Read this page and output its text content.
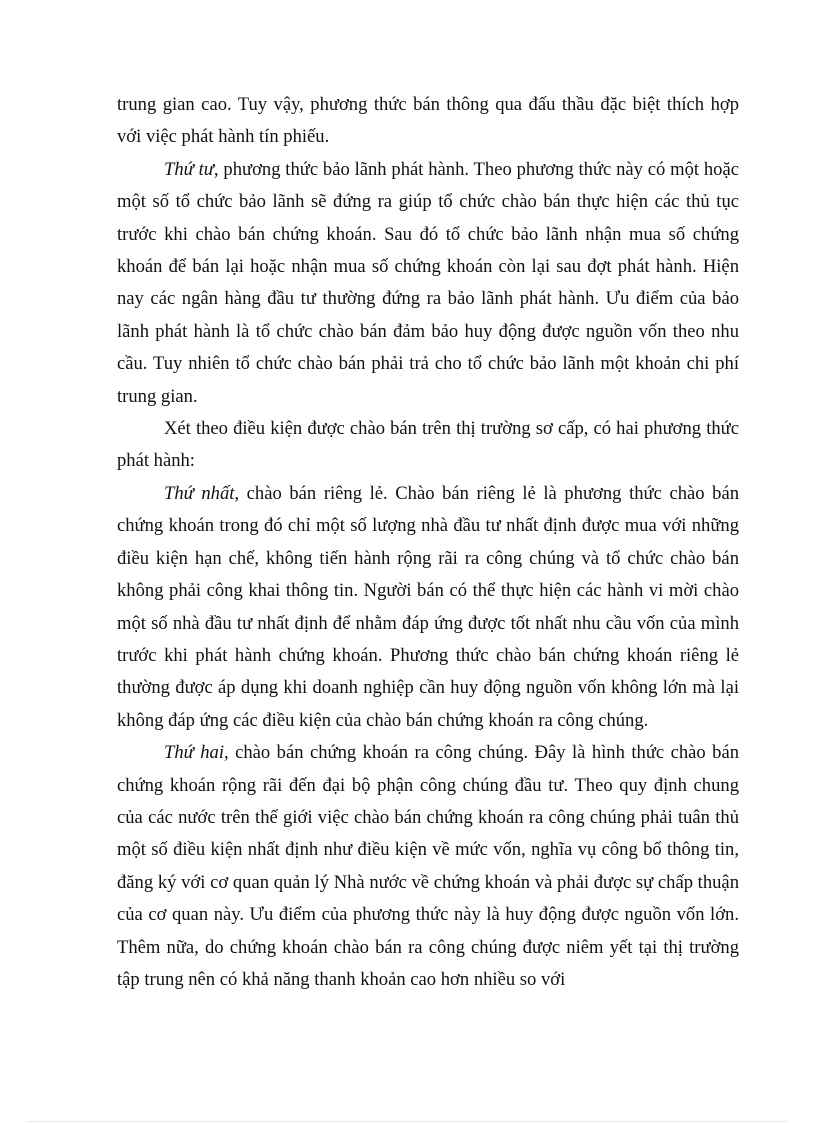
trung gian cao. Tuy vậy, phương thức bán thông qua đấu thầu đặc biệt thích hợp với việc phát hành tín phiếu.

Thứ tư, phương thức bảo lãnh phát hành. Theo phương thức này có một hoặc một số tổ chức bảo lãnh sẽ đứng ra giúp tổ chức chào bán thực hiện các thủ tục trước khi chào bán chứng khoán. Sau đó tổ chức bảo lãnh nhận mua số chứng khoán để bán lại hoặc nhận mua số chứng khoán còn lại sau đợt phát hành. Hiện nay các ngân hàng đầu tư thường đứng ra bảo lãnh phát hành. Ưu điểm của bảo lãnh phát hành là tổ chức chào bán đảm bảo huy động được nguồn vốn theo nhu cầu. Tuy nhiên tổ chức chào bán phải trả cho tổ chức bảo lãnh một khoản chi phí trung gian.

Xét theo điều kiện được chào bán trên thị trường sơ cấp, có hai phương thức phát hành:

Thứ nhất, chào bán riêng lẻ. Chào bán riêng lẻ là phương thức chào bán chứng khoán trong đó chỉ một số lượng nhà đầu tư nhất định được mua với những điều kiện hạn chế, không tiến hành rộng rãi ra công chúng và tổ chức chào bán không phải công khai thông tin. Người bán có thể thực hiện các hành vi mời chào một số nhà đầu tư nhất định để nhằm đáp ứng được tốt nhất nhu cầu vốn của mình trước khi phát hành chứng khoán. Phương thức chào bán chứng khoán riêng lẻ thường được áp dụng khi doanh nghiệp cần huy động nguồn vốn không lớn mà lại không đáp ứng các điều kiện của chào bán chứng khoán ra công chúng.

Thứ hai, chào bán chứng khoán ra công chúng. Đây là hình thức chào bán chứng khoán rộng rãi đến đại bộ phận công chúng đầu tư. Theo quy định chung của các nước trên thế giới việc chào bán chứng khoán ra công chúng phải tuân thủ một số điều kiện nhất định như điều kiện về mức vốn, nghĩa vụ công bố thông tin, đăng ký với cơ quan quản lý Nhà nước về chứng khoán và phải được sự chấp thuận của cơ quan này. Ưu điểm của phương thức này là huy động được nguồn vốn lớn. Thêm nữa, do chứng khoán chào bán ra công chúng được niêm yết tại thị trường tập trung nên có khả năng thanh khoản cao hơn nhiều so với
